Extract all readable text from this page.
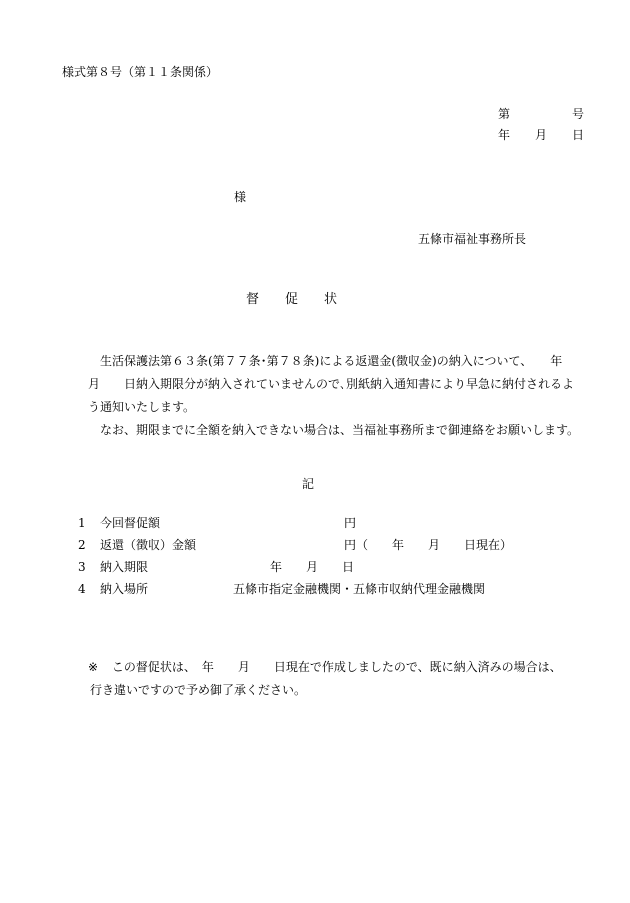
様式第８号（第１１条関係）
第	号
年 月 日
様
五條市福祉事務所長
督　　促　　状

生活保護法第６３条(第７７条･第７８条)による返還金(徴収金)の納入について、　　年

月　　日納入期限分が納入されていませんので､別紙納入通知書により早急に納付されるよ

う通知いたします。

なお、期限までに全額を納入できない場合は、当福祉事務所まで御連絡をお願いします。

記
1 今回督促額	円
2 返還（徴収）金額	円（　　年　　月　　日現在）
3 納入期限	年　　月　　日
4 納入場所	五條市指定金融機関・五條市収納代理金融機関
※ この督促状は、　年　　月　　日現在で作成しましたので、既に納入済みの場合は、
行き違いですので予め御了承ください。
